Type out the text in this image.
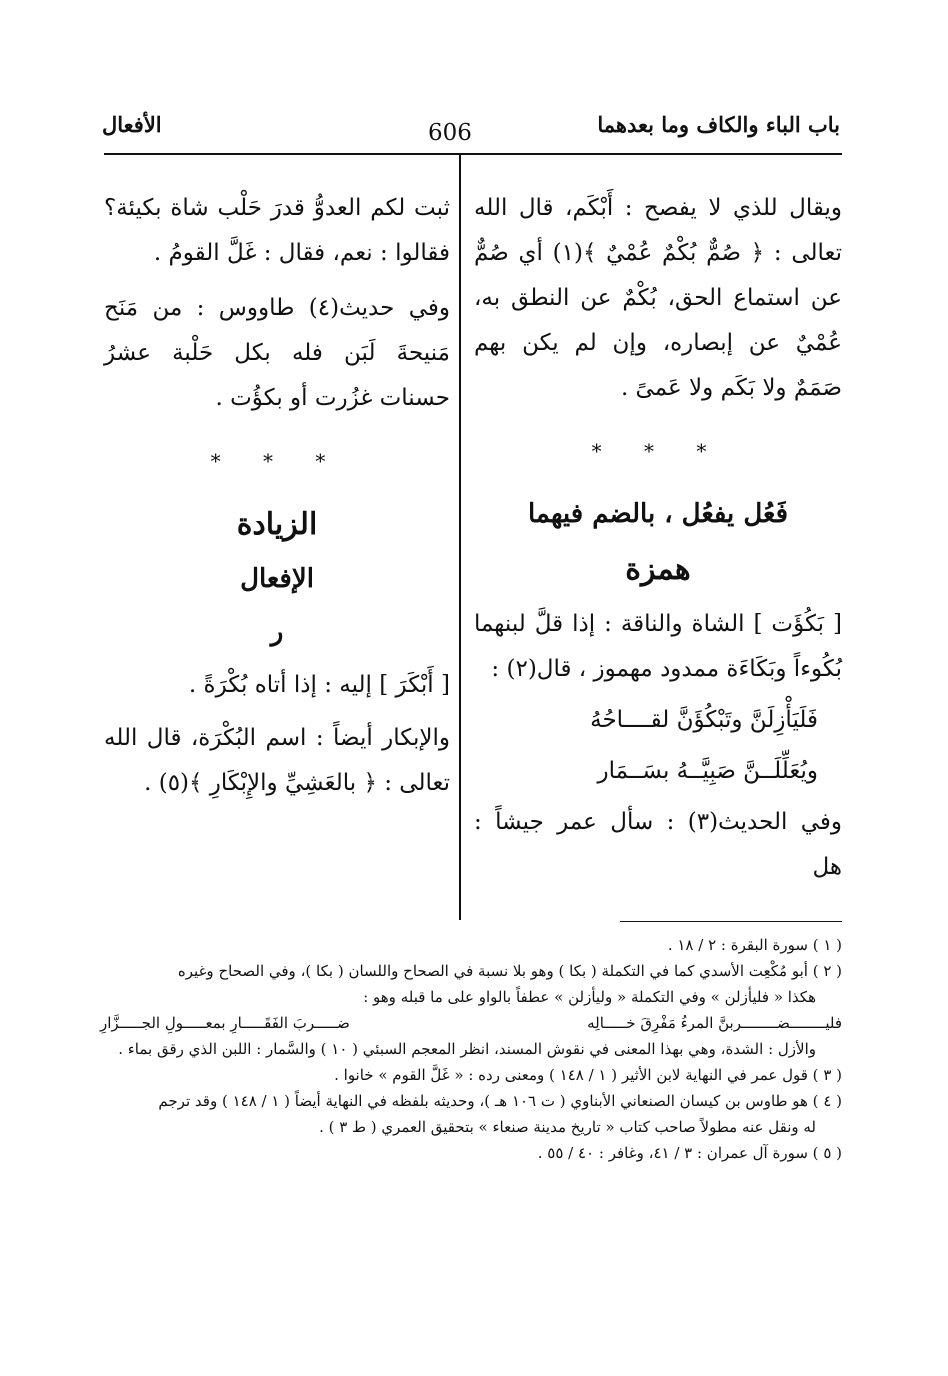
باب الباء والكاف وما بعدهما
606
الأفعال

ويقال للذي لا يفصح : أَبْكَم، قال الله تعالى : ﴿ صُمٌّ بُكْمٌ عُمْيٌ ﴾(١) أي صُمٌّ عن استماع الحق، بُكْمٌ عن النطق به، عُمْيٌ عن إبصاره، وإن لم يكن بهم صَمَمٌ ولا بَكَم ولا عَمىً .

* * *
فَعُل يفعُل ، بالضم فيهما
همزة

[ بَكُؤَت ] الشاة والناقة : إذا قلَّ لبنهما بُكُوءاً وبَكَاءَة ممدود مهموز ، قال(٢) :

فَلَيَأْزِلَنَّ وتَبْكُؤَنَّ لقــــاحُهُ
ويُعَلِّلَــنَّ صَبِيَّــهُ بسَــمَار

وفي الحديث(٣) : سأل عمر جيشاً : هل

ثبت لكم العدوُّ قدرَ حَلْب شاة بكيئة؟ فقالوا : نعم، فقال : غَلَّ القومُ .

وفي حديث(٤) طاووس : من مَنَح مَنيحةَ لَبَن فله بكل حَلْبة عشرُ حسنات غزُرت أو بكؤُت .

* * *
الزيادة
الإفعال
ر

[ أَبْكَرَ ] إليه : إذا أتاه بُكْرَةً .

والإبكار أيضاً : اسم البُكْرَة، قال الله تعالى : ﴿ بالعَشِيِّ والإِبْكَارِ ﴾(٥) .

( ١ ) سورة البقرة : ٢ / ١٨ .

( ٢ ) أبو مُكْعِت الأسدي كما في التكملة ( بكا ) وهو بلا نسبة في الصحاح واللسان ( بكا )، وفي الصحاح وغيره

هكذا « فليأزلن » وفي التكملة « وليأزلن » عطفاً بالواو على ما قبله وهو :

فليــــــــضــــــــربنَّ المرءُ مَفْرِقَ خـــــالِه
ضـــــربَ الفَقَـــــارِ بمعـــــولِ الجـــــزَّارِ

والأزل : الشدة، وهي بهذا المعنى في نقوش المسند، انظر المعجم السبئي ( ١٠ ) والسَّمار : اللبن الذي رقق بماء .

( ٣ ) قول عمر في النهاية لابن الأثير ( ١ / ١٤٨ ) ومعنى رده : « غَلَّ القوم » خانوا .

( ٤ ) هو طاوس بن كيسان الصنعاني الأبناوي ( ت ١٠٦ هـ )، وحديثه بلفظه في النهاية أيضاً ( ١ / ١٤٨ ) وقد ترجم

له ونقل عنه مطولاً صاحب كتاب « تاريخ مدينة صنعاء » بتحقيق العمري ( ط ٣ ) .

( ٥ ) سورة آل عمران : ٣ / ٤١، وغافر : ٤٠ / ٥٥ .
